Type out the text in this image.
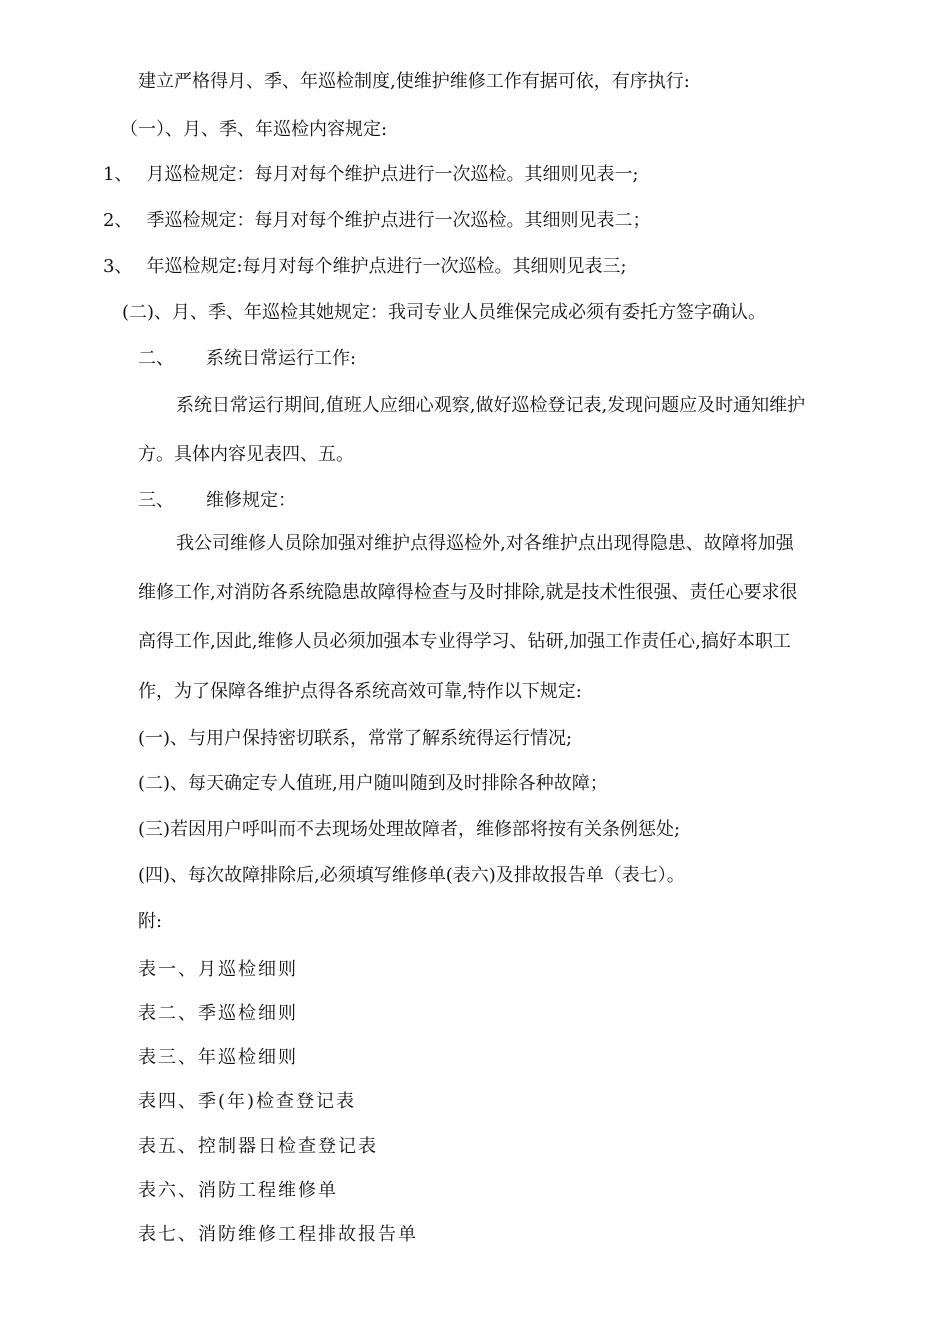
建立严格得月、季、年巡检制度,使维护维修工作有据可依，有序执行:
（一）、月、季、年巡检内容规定:
1、 月巡检规定：每月对每个维护点进行一次巡检。其细则见表一;
2、 季巡检规定：每月对每个维护点进行一次巡检。其细则见表二；
3、 年巡检规定:每月对每个维护点进行一次巡检。其细则见表三;
(二)、月、季、年巡检其她规定：我司专业人员维保完成必须有委托方签字确认。
二、 系统日常运行工作:
系统日常运行期间,值班人应细心观察,做好巡检登记表,发现问题应及时通知维护
方。具体内容见表四、五。
三、 维修规定：
我公司维修人员除加强对维护点得巡检外,对各维护点出现得隐患、故障将加强
维修工作,对消防各系统隐患故障得检查与及时排除,就是技术性很强、责任心要求很
高得工作,因此,维修人员必须加强本专业得学习、钻研,加强工作责任心,搞好本职工
作，为了保障各维护点得各系统高效可靠,特作以下规定:
(一)、与用户保持密切联系，常常了解系统得运行情况;
(二)、每天确定专人值班,用户随叫随到及时排除各种故障；
(三)若因用户呼叫而不去现场处理故障者，维修部将按有关条例惩处;
(四)、每次故障排除后,必须填写维修单(表六)及排故报告单（表七）。
附:
表一、月巡检细则
表二、季巡检细则
表三、年巡检细则
表四、季(年)检查登记表
表五、控制器日检查登记表
表六、消防工程维修单
表七、消防维修工程排故报告单
